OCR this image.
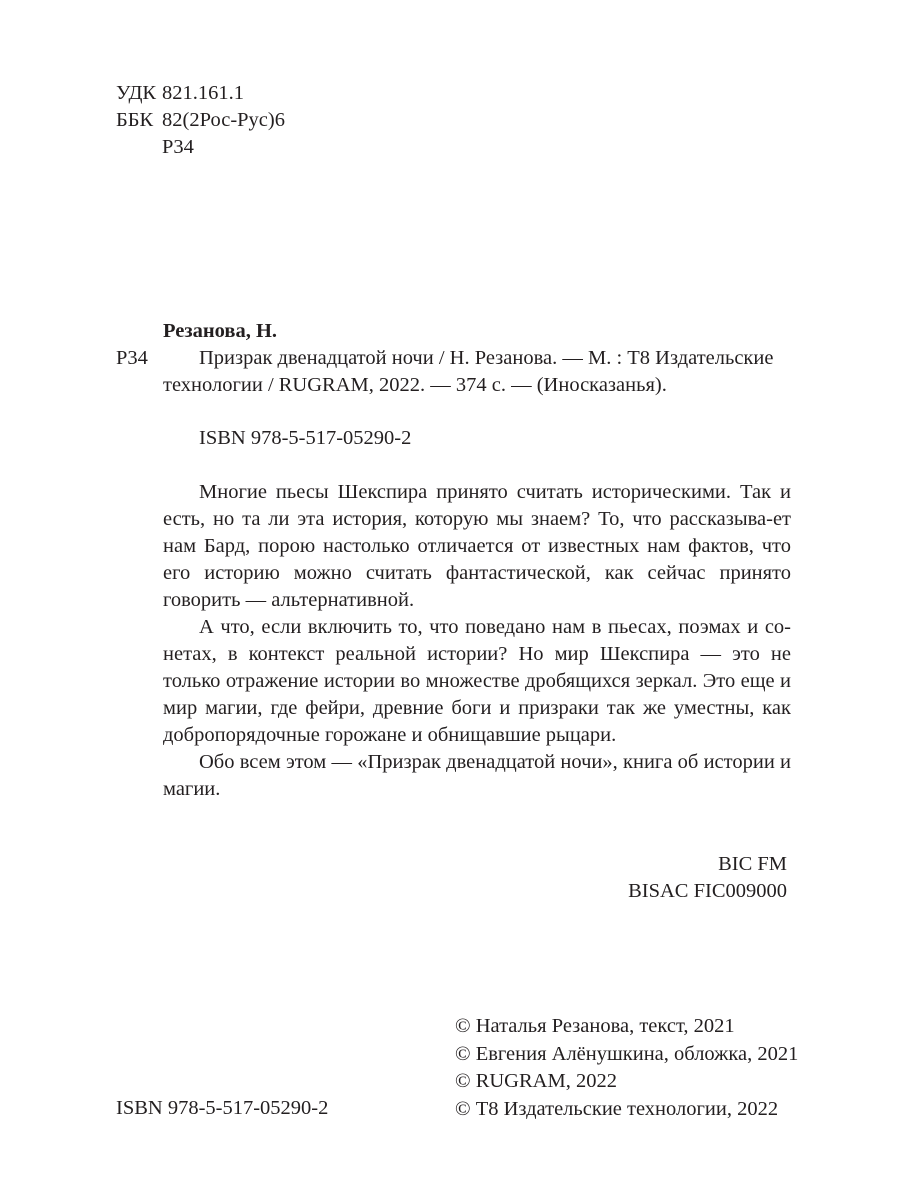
УДК 821.161.1
ББК 82(2Рос-Рус)6
Р34
Резанова, Н.
Р34 Призрак двенадцатой ночи / Н. Резанова. — М. : Т8 Издательские
технологии / RUGRAM, 2022. — 374 с. — (Иносказанья).
ISBN 978-5-517-05290-2

Многие пьесы Шекспира принято считать историческими. Так и есть, но та ли эта история, которую мы знаем? То, что рассказыва-ет нам Бард, порою настолько отличается от известных нам фактов, что его историю можно считать фантастической, как сейчас принято говорить — альтернативной.

А что, если включить то, что поведано нам в пьесах, поэмах и со-нетах, в контекст реальной истории? Но мир Шекспира — это не только отражение истории во множестве дробящихся зеркал. Это еще и мир магии, где фейри, древние боги и призраки так же уместны, как добропорядочные горожане и обнищавшие рыцари.

Обо всем этом — «Призрак двенадцатой ночи», книга об истории и магии.

BIC FM
BISAC FIC009000
© Наталья Резанова, текст, 2021
© Евгения Алёнушкина, обложка, 2021
© RUGRAM, 2022
© Т8 Издательские технологии, 2022
ISBN 978-5-517-05290-2
